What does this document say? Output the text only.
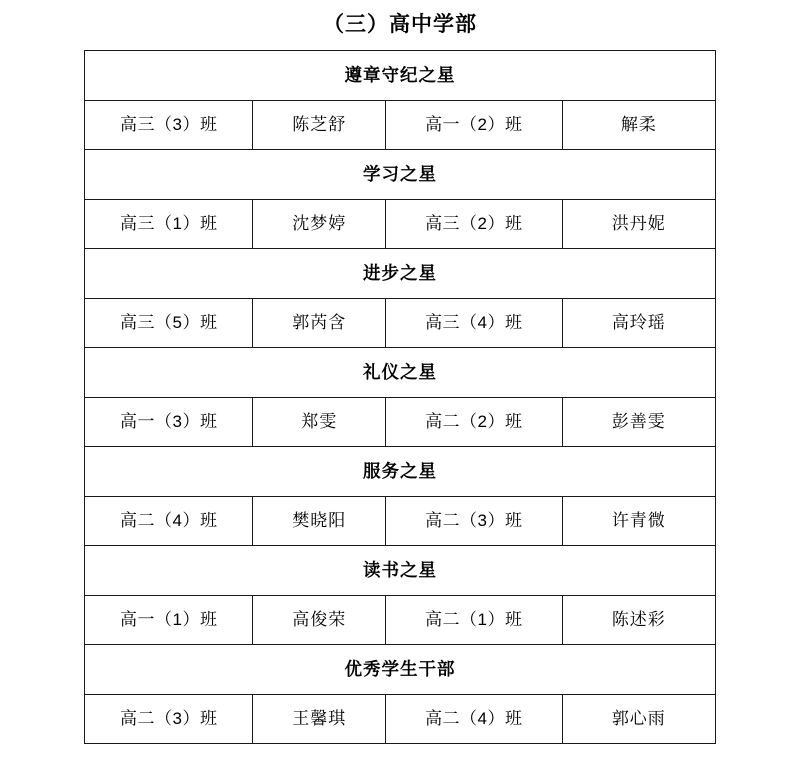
（三）高中学部
遵章守纪之星			
高三（3）班	陈芝舒	高一（2）班	解柔
学习之星			
高三（1）班	沈梦婷	高三（2）班	洪丹妮
进步之星			
高三（5）班	郭芮含	高三（4）班	高玲瑶
礼仪之星			
高一（3）班	郑雯	高二（2）班	彭善雯
服务之星			
高二（4）班	樊晓阳	高二（3）班	许青微
读书之星			
高一（1）班	高俊荣	高二（1）班	陈述彩
优秀学生干部			
高二（3）班	王馨琪	高二（4）班	郭心雨
